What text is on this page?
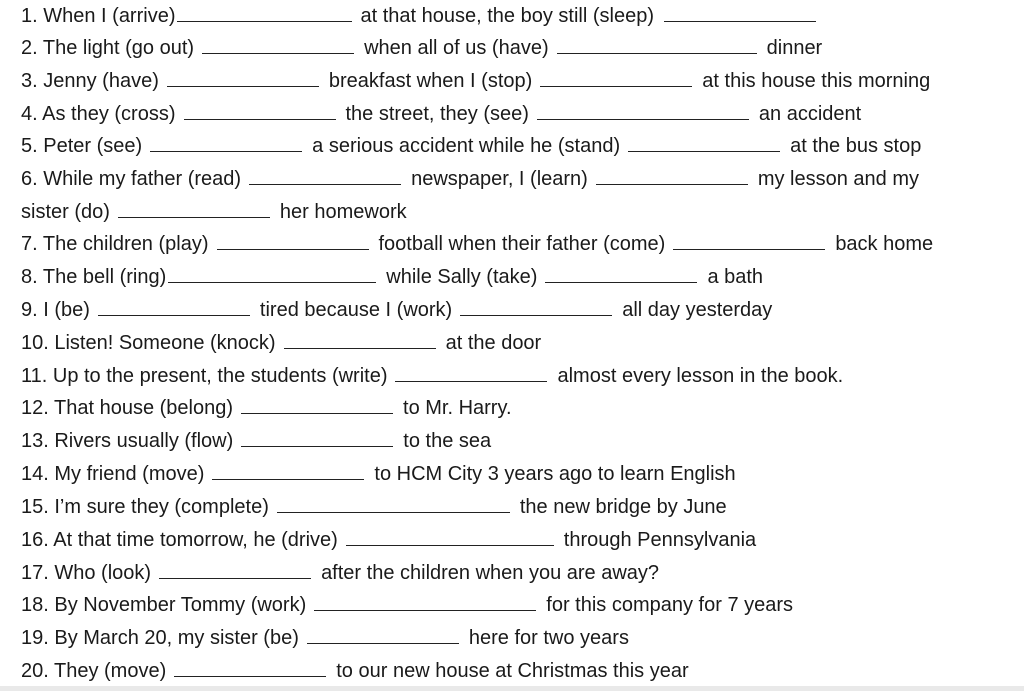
1. When I (arrive)	at that house, the boy still (sleep)
2. The light (go out)	when all of us (have)	dinner
3. Jenny (have)	breakfast when I (stop)	at this house this morning
4. As they (cross)	the street, they (see)	an accident
5. Peter (see)	a serious accident while he (stand)	at the bus stop
6. While my father (read)	newspaper, I (learn)	my lesson and my
sister (do)	her homework
7. The children (play)	football when their father (come)	back home
8. The bell (ring)	while Sally (take)	a bath
9. I (be)	tired because I (work)	all day yesterday
10. Listen! Someone (knock)	at the door
11. Up to the present, the students (write)	almost every lesson in the book.
12. That house (belong)	to Mr. Harry.
13. Rivers usually (flow)	to the sea
14. My friend (move)	to HCM City 3 years ago to learn English
15. I’m sure they (complete)	the new bridge by June
16. At that time tomorrow, he (drive)	through Pennsylvania
17. Who (look)	after the children when you are away?
18. By November Tommy (work)	for this company for 7 years
19. By March 20, my sister (be)	here for two years
20. They (move)	to our new house at Christmas this year
